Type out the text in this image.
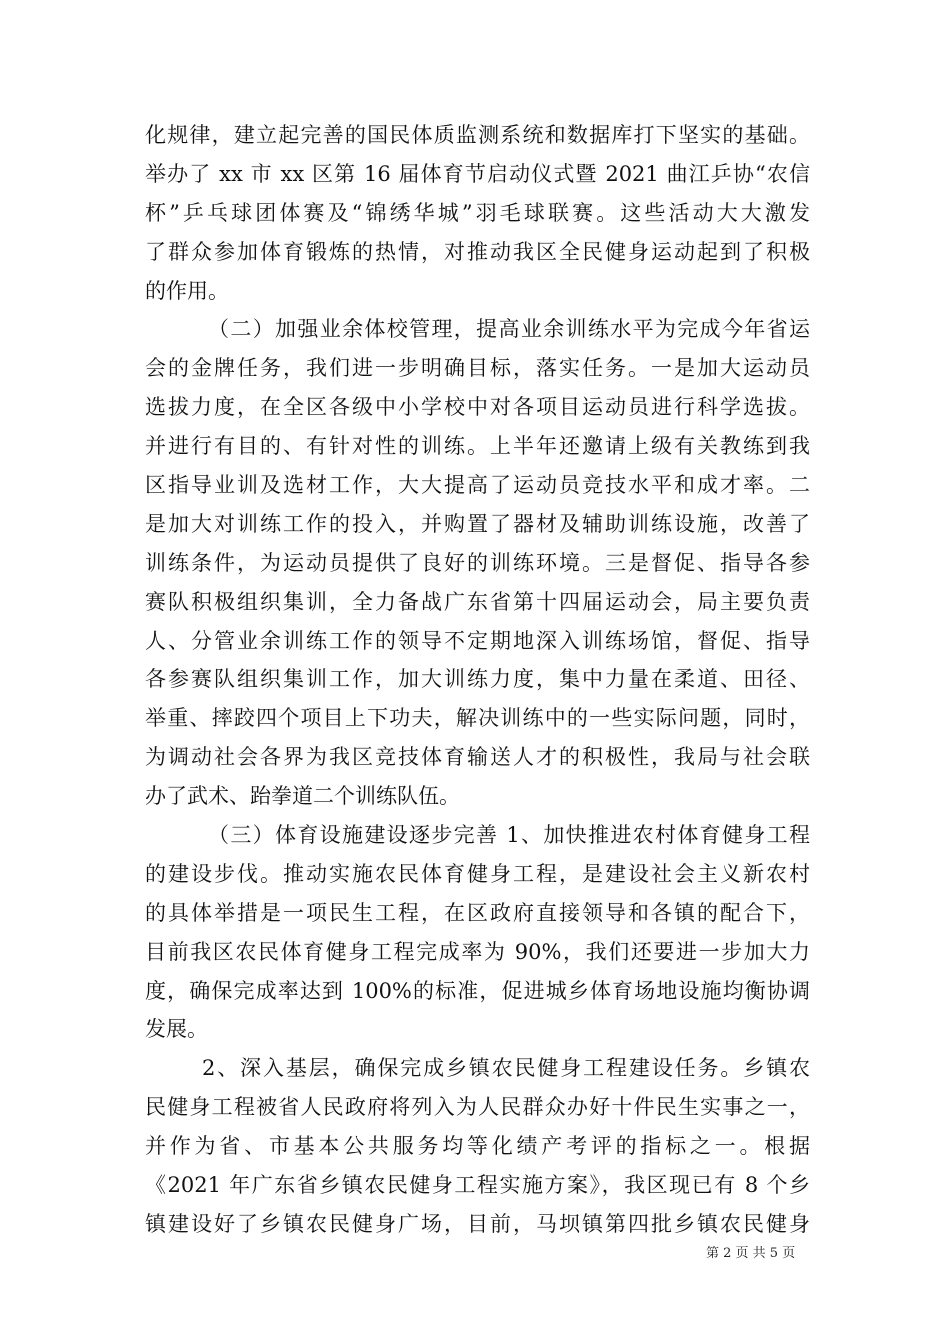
化规律，建立起完善的国民体质监测系统和数据库打下坚实的基础。
举办了 xx 市 xx 区第 16 届体育节启动仪式暨 2021 曲江乒协“农信
杯”乒乓球团体赛及“锦绣华城”羽毛球联赛。这些活动大大激发
了群众参加体育锻炼的热情，对推动我区全民健身运动起到了积极
的作用。
（二）加强业余体校管理，提高业余训练水平为完成今年省运
会的金牌任务，我们进一步明确目标，落实任务。一是加大运动员
选拔力度，在全区各级中小学校中对各项目运动员进行科学选拔。
并进行有目的、有针对性的训练。上半年还邀请上级有关教练到我
区指导业训及选材工作，大大提高了运动员竞技水平和成才率。二
是加大对训练工作的投入，并购置了器材及辅助训练设施，改善了
训练条件，为运动员提供了良好的训练环境。三是督促、指导各参
赛队积极组织集训，全力备战广东省第十四届运动会，局主要负责
人、分管业余训练工作的领导不定期地深入训练场馆，督促、指导
各参赛队组织集训工作，加大训练力度，集中力量在柔道、田径、
举重、摔跤四个项目上下功夫，解决训练中的一些实际问题，同时，
为调动社会各界为我区竞技体育输送人才的积极性，我局与社会联
办了武术、跆拳道二个训练队伍。
（三）体育设施建设逐步完善 1、加快推进农村体育健身工程
的建设步伐。推动实施农民体育健身工程，是建设社会主义新农村
的具体举措是一项民生工程，在区政府直接领导和各镇的配合下，
目前我区农民体育健身工程完成率为 90%，我们还要进一步加大力
度，确保完成率达到 100%的标准，促进城乡体育场地设施均衡协调
发展。
2、深入基层，确保完成乡镇农民健身工程建设任务。乡镇农
民健身工程被省人民政府将列入为人民群众办好十件民生实事之一，
并作为省、市基本公共服务均等化绩产考评的指标之一。根据
《2021 年广东省乡镇农民健身工程实施方案》，我区现已有 8 个乡
镇建设好了乡镇农民健身广场，目前，马坝镇第四批乡镇农民健身
第 2 页 共 5 页
